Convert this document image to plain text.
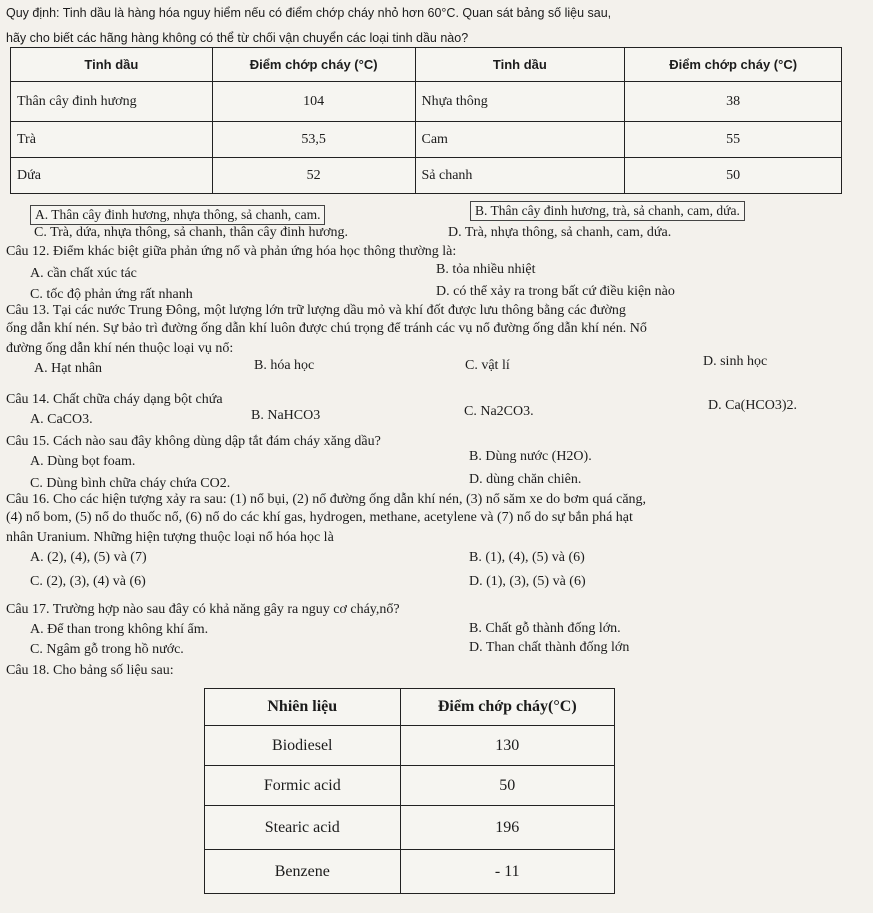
Quy định: Tinh dầu là hàng hóa nguy hiểm nếu có điểm chớp cháy nhỏ hơn 60°C. Quan sát bảng số liệu sau,
hãy cho biết các hãng hàng không có thể từ chối vận chuyển các loại tinh dầu nào?
Tinh dầu	Điểm chớp cháy (°C)	Tinh dầu	Điểm chớp cháy (°C)
Thân cây đinh hương	104	Nhựa thông	38
Trà	53,5	Cam	55
Dứa	52	Sả chanh	50
A. Thân cây đinh hương, nhựa thông, sả chanh, cam.	B. Thân cây đinh hương, trà, sả chanh, cam, dứa.
C. Trà, dứa, nhựa thông, sả chanh, thân cây đinh hương.	D. Trà, nhựa thông, sả chanh, cam, dứa.
Câu 12. Điểm khác biệt giữa phản ứng nổ và phản ứng hóa học thông thường là:
A. cần chất xúc tác	B. tỏa nhiều nhiệt
C. tốc độ phản ứng rất nhanh	D. có thể xảy ra trong bất cứ điều kiện nào
Câu 13. Tại các nước Trung Đông, một lượng lớn trữ lượng dầu mỏ và khí đốt được lưu thông bằng các đường
ống dẫn khí nén. Sự bảo trì đường ống dẫn khí luôn được chú trọng để tránh các vụ nổ đường ống dẫn khí nén. Nổ
đường ống dẫn khí nén thuộc loại vụ nổ:
A. Hạt nhân	B. hóa học	C. vật lí	D. sinh học
Câu 14. Chất chữa cháy dạng bột chứa
A. CaCO3.	B. NaHCO3	C. Na2CO3.	D. Ca(HCO3)2.
Câu 15. Cách nào sau đây không dùng dập tắt đám cháy xăng dầu?
A. Dùng bọt foam.	B. Dùng nước (H2O).
C. Dùng bình chữa cháy chứa CO2.	D. dùng chăn chiên.
Câu 16. Cho các hiện tượng xảy ra sau: (1) nổ bụi, (2) nổ đường ống dẫn khí nén, (3) nổ săm xe do bơm quá căng,
(4) nổ bom, (5) nổ do thuốc nổ, (6) nổ do các khí gas, hydrogen, methane, acetylene và (7) nổ do sự bắn phá hạt
nhân Uranium. Những hiện tượng thuộc loại nổ hóa học là
A. (2), (4), (5) và (7)	B. (1), (4), (5) và (6)
C. (2), (3), (4) và (6)	D. (1), (3), (5) và (6)
Câu 17. Trường hợp nào sau đây có khả năng gây ra nguy cơ cháy,nổ?
A. Để than trong không khí ẩm.	B. Chất gỗ thành đống lớn.
C. Ngâm gỗ trong hồ nước.	D. Than chất thành đống lớn
Câu 18. Cho bảng số liệu sau:
Nhiên liệu	Điểm chớp cháy(°C)
Biodiesel	130
Formic acid	50
Stearic acid	196
Benzene	- 11
